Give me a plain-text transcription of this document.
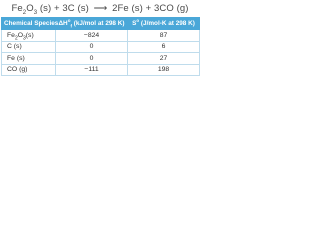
$Fe_2O_3$ (s) + 3C (s) ⟶ 2Fe (s) + 3CO (g)
Chemical Species	$\Delta H^o_f$ (kJ/mol at 298 K)	$S^o$ (J/mol-K at 298 K)
$Fe_2O_3(s)$	−824	87
C (s)	0	6
Fe (s)	0	27
CO (g)	−111	198
